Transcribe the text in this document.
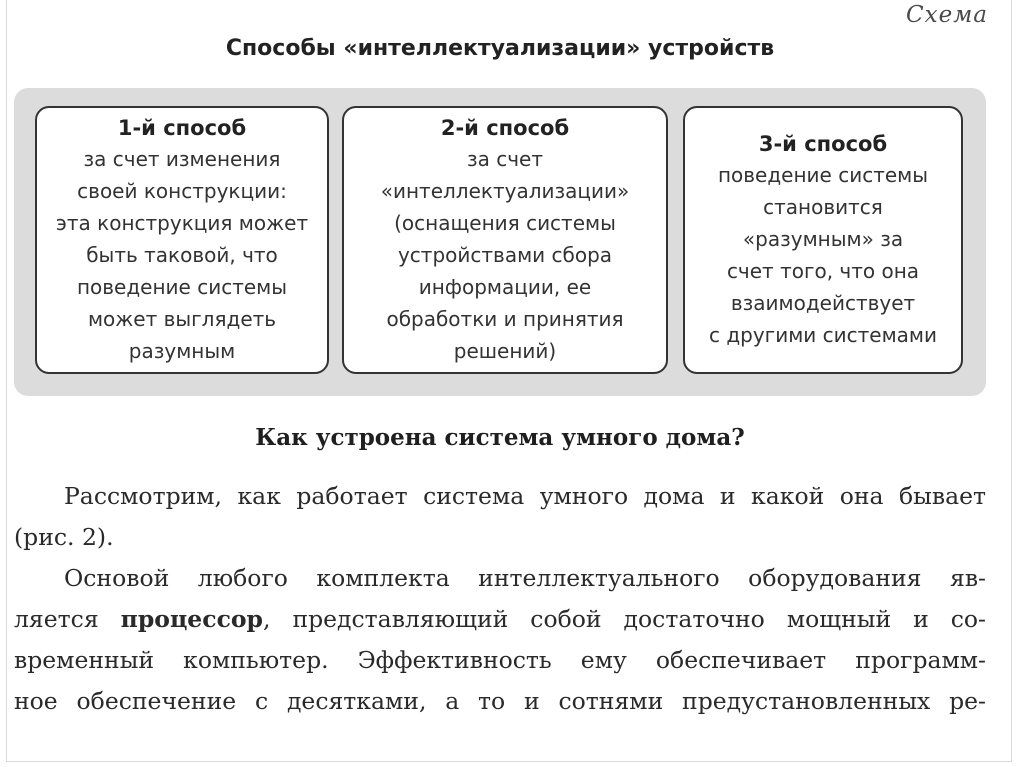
Схема
Способы «интеллектуализации» устройств
1-й способ
за счет изменения
своей конструкции:
эта конструкция может
быть таковой, что
поведение системы
может выглядеть
разумным
2-й способ
за счет
«интеллектуализации»
(оснащения системы
устройствами сбора
информации, ее
обработки и принятия
решений)
3-й способ
поведение системы
становится
«разумным» за
счет того, что она
взаимодействует
с другими системами
Как устроена система умного дома?
Рассмотрим, как работает система умного дома и какой она бывает
(рис. 2).
Основой любого комплекта интеллектуального оборудования яв-
ляется процессор, представляющий собой достаточно мощный и со-
временный компьютер. Эффективность ему обеспечивает программ-
ное обеспечение с десятками, а то и сотнями предустановленных ре-
